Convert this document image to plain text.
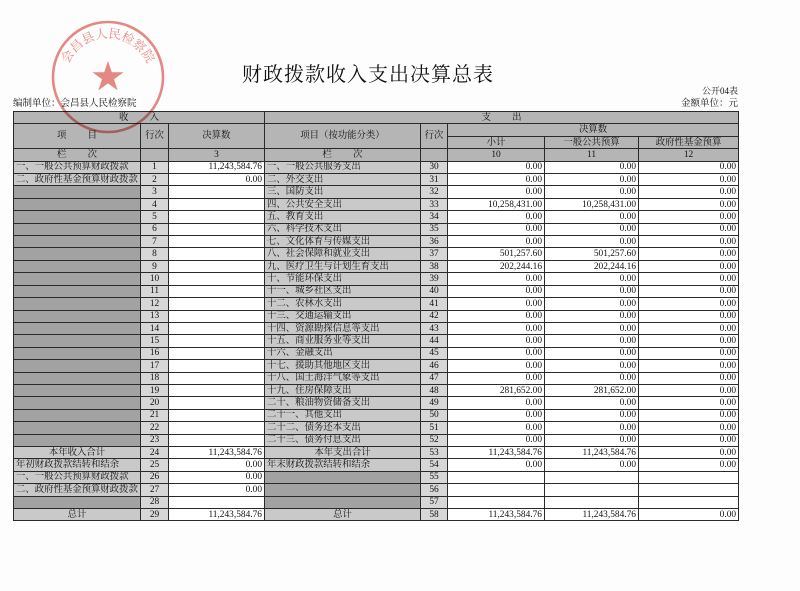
财政拨款收入支出决算总表
公开04表
编制单位：会昌县人民检察院	金额单位：元
收 入			支 出				
项 目	行次	决算数	项目（按功能分类）	行次	决算数		
					小计	一般公共预算	政府性基金预算
栏 次		3	栏 次		10	11	12
一、一般公共预算财政拨款	1	11,243,584.76	一、一般公共服务支出	30	0.00	0.00	0.00
二、政府性基金预算财政拨款	2	0.00	二、外交支出	31	0.00	0.00	0.00
	3		三、国防支出	32	0.00	0.00	0.00
	4		四、公共安全支出	33	10,258,431.00	10,258,431.00	0.00
	5		五、教育支出	34	0.00	0.00	0.00
	6		六、科学技术支出	35	0.00	0.00	0.00
	7		七、文化体育与传媒支出	36	0.00	0.00	0.00
	8		八、社会保障和就业支出	37	501,257.60	501,257.60	0.00
	9		九、医疗卫生与计划生育支出	38	202,244.16	202,244.16	0.00
	10		十、节能环保支出	39	0.00	0.00	0.00
	11		十一、城乡社区支出	40	0.00	0.00	0.00
	12		十二、农林水支出	41	0.00	0.00	0.00
	13		十三、交通运输支出	42	0.00	0.00	0.00
	14		十四、资源勘探信息等支出	43	0.00	0.00	0.00
	15		十五、商业服务业等支出	44	0.00	0.00	0.00
	16		十六、金融支出	45	0.00	0.00	0.00
	17		十七、援助其他地区支出	46	0.00	0.00	0.00
	18		十八、国土海洋气象等支出	47	0.00	0.00	0.00
	19		十九、住房保障支出	48	281,652.00	281,652.00	0.00
	20		二十、粮油物资储备支出	49	0.00	0.00	0.00
	21		二十一、其他支出	50	0.00	0.00	0.00
	22		二十二、债务还本支出	51	0.00	0.00	0.00
	23		二十三、债务付息支出	52	0.00	0.00	0.00
本年收入合计	24	11,243,584.76	本年支出合计	53	11,243,584.76	11,243,584.76	0.00
年初财政拨款结转和结余	25	0.00	年末财政拨款结转和结余	54	0.00	0.00	0.00
一、一般公共预算财政拨款	26	0.00		55			
二、政府性基金预算财政拨款	27	0.00		56			
	28			57			
总计	29	11,243,584.76	总计	58	11,243,584.76	11,243,584.76	0.00
会昌县人民检察院
